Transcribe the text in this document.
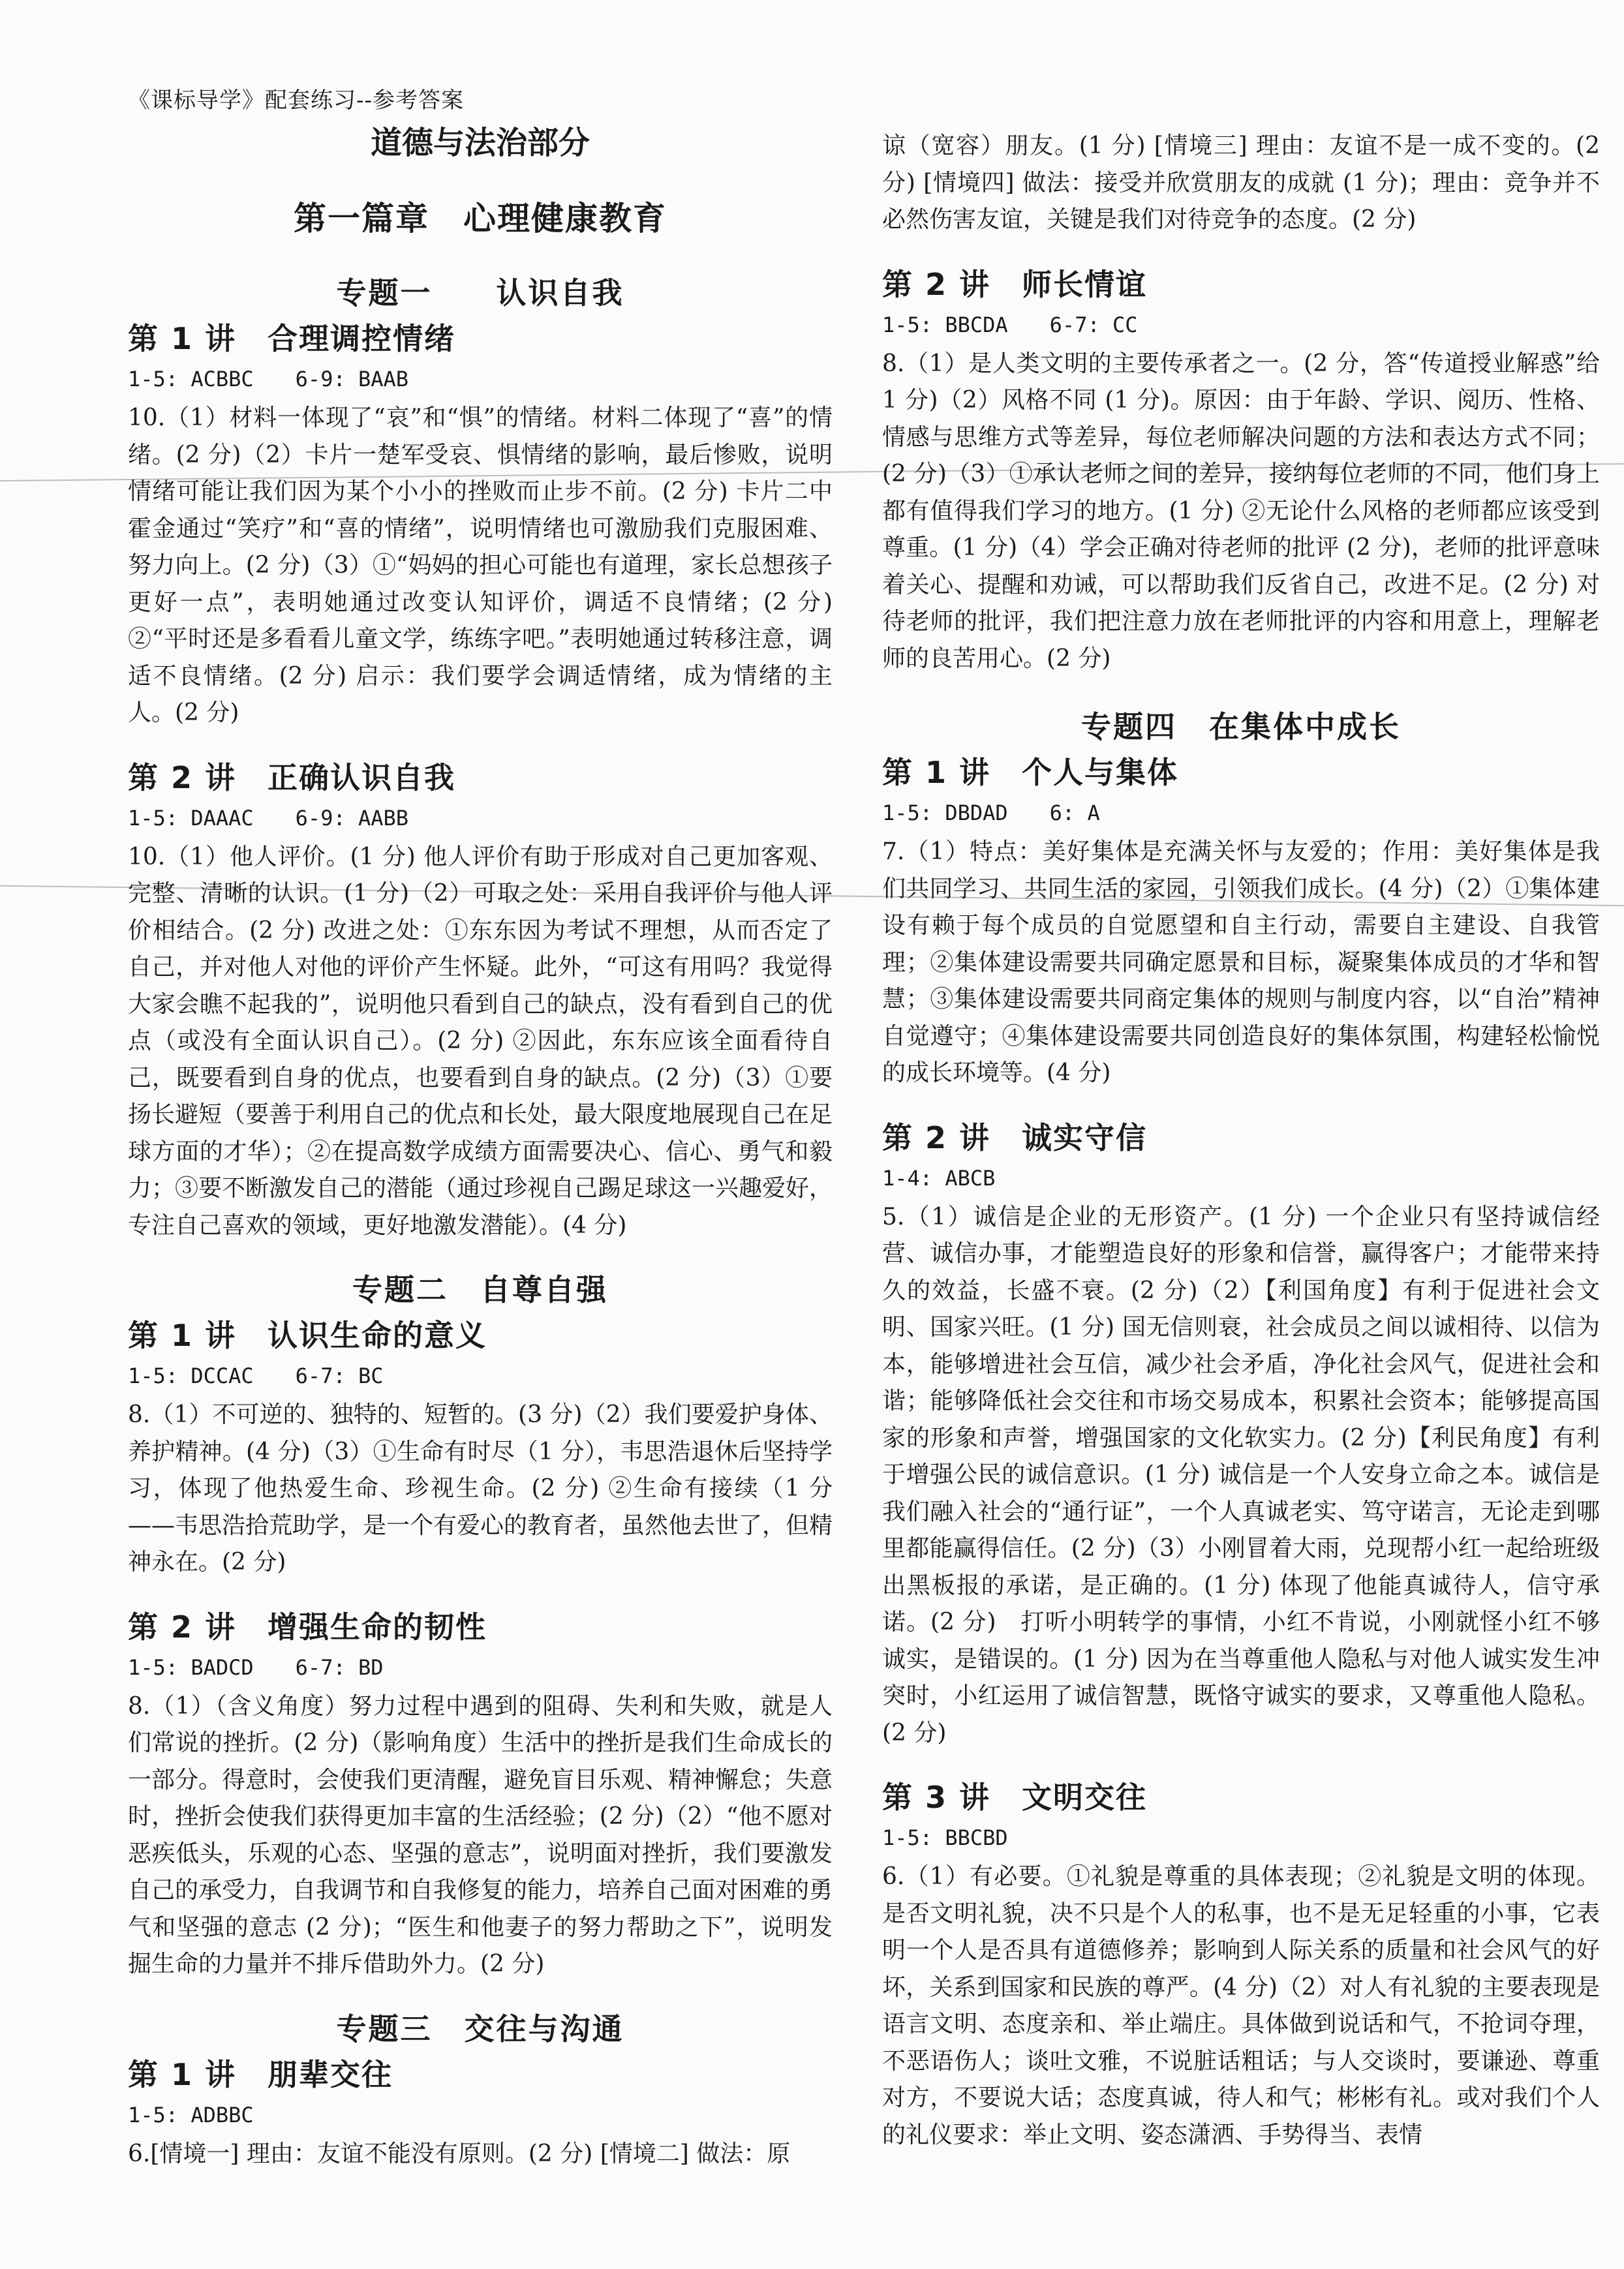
《课标导学》配套练习--参考答案
道德与法治部分
第一篇章　心理健康教育
专题一　　认识自我
第 1 讲　合理调控情绪
1-5: ACBBC　　6-9: BAAB

10.（1）材料一体现了“哀”和“惧”的情绪。材料二体现了“喜”的情绪。(2 分)（2）卡片一楚军受哀、惧情绪的影响，最后惨败，说明情绪可能让我们因为某个小小的挫败而止步不前。(2 分) 卡片二中霍金通过“笑疗”和“喜的情绪”，说明情绪也可激励我们克服困难、努力向上。(2 分)（3）①“妈妈的担心可能也有道理，家长总想孩子更好一点”，表明她通过改变认知评价，调适不良情绪；(2 分) ②“平时还是多看看儿童文学，练练字吧。”表明她通过转移注意，调适不良情绪。(2 分) 启示：我们要学会调适情绪，成为情绪的主人。(2 分)

第 2 讲　正确认识自我
1-5: DAAAC　　6-9: AABB

10.（1）他人评价。(1 分) 他人评价有助于形成对自己更加客观、完整、清晰的认识。(1 分)（2）可取之处：采用自我评价与他人评价相结合。(2 分) 改进之处：①东东因为考试不理想，从而否定了自己，并对他人对他的评价产生怀疑。此外，“可这有用吗？我觉得大家会瞧不起我的”，说明他只看到自己的缺点，没有看到自己的优点（或没有全面认识自己）。(2 分) ②因此，东东应该全面看待自己，既要看到自身的优点，也要看到自身的缺点。(2 分)（3）①要扬长避短（要善于利用自己的优点和长处，最大限度地展现自己在足球方面的才华）；②在提高数学成绩方面需要决心、信心、勇气和毅力；③要不断激发自己的潜能（通过珍视自己踢足球这一兴趣爱好，专注自己喜欢的领域，更好地激发潜能）。(4 分)

专题二　自尊自强
第 1 讲　认识生命的意义
1-5: DCCAC　　6-7: BC

8.（1）不可逆的、独特的、短暂的。(3 分)（2）我们要爱护身体、养护精神。(4 分)（3）①生命有时尽（1 分），韦思浩退休后坚持学习，体现了他热爱生命、珍视生命。(2 分) ②生命有接续（1 分——韦思浩拾荒助学，是一个有爱心的教育者，虽然他去世了，但精神永在。(2 分)

第 2 讲　增强生命的韧性
1-5: BADCD　　6-7: BD

8.（1）（含义角度）努力过程中遇到的阻碍、失利和失败，就是人们常说的挫折。(2 分)（影响角度）生活中的挫折是我们生命成长的一部分。得意时，会使我们更清醒，避免盲目乐观、精神懈怠；失意时，挫折会使我们获得更加丰富的生活经验；(2 分)（2）“他不愿对恶疾低头，乐观的心态、坚强的意志”，说明面对挫折，我们要激发自己的承受力，自我调节和自我修复的能力，培养自己面对困难的勇气和坚强的意志 (2 分)；“医生和他妻子的努力帮助之下”，说明发掘生命的力量并不排斥借助外力。(2 分)

专题三　交往与沟通
第 1 讲　朋辈交往
1-5: ADBBC

6.[情境一] 理由：友谊不能没有原则。(2 分) [情境二] 做法：原

谅（宽容）朋友。(1 分) [情境三] 理由：友谊不是一成不变的。(2 分) [情境四] 做法：接受并欣赏朋友的成就 (1 分)；理由：竞争并不必然伤害友谊，关键是我们对待竞争的态度。(2 分)

第 2 讲　师长情谊
1-5: BBCDA　　6-7: CC

8.（1）是人类文明的主要传承者之一。(2 分，答“传道授业解惑”给 1 分)（2）风格不同 (1 分)。原因：由于年龄、学识、阅历、性格、情感与思维方式等差异，每位老师解决问题的方法和表达方式不同；(2 分)（3）①承认老师之间的差异，接纳每位老师的不同，他们身上都有值得我们学习的地方。(1 分) ②无论什么风格的老师都应该受到尊重。(1 分)（4）学会正确对待老师的批评 (2 分)，老师的批评意味着关心、提醒和劝诫，可以帮助我们反省自己，改进不足。(2 分) 对待老师的批评，我们把注意力放在老师批评的内容和用意上，理解老师的良苦用心。(2 分)

专题四　在集体中成长
第 1 讲　个人与集体
1-5: DBDAD　　6: A

7.（1）特点：美好集体是充满关怀与友爱的；作用：美好集体是我们共同学习、共同生活的家园，引领我们成长。(4 分)（2）①集体建设有赖于每个成员的自觉愿望和自主行动，需要自主建设、自我管理；②集体建设需要共同确定愿景和目标，凝聚集体成员的才华和智慧；③集体建设需要共同商定集体的规则与制度内容，以“自治”精神自觉遵守；④集体建设需要共同创造良好的集体氛围，构建轻松愉悦的成长环境等。(4 分)

第 2 讲　诚实守信
1-4: ABCB

5.（1）诚信是企业的无形资产。(1 分) 一个企业只有坚持诚信经营、诚信办事，才能塑造良好的形象和信誉，赢得客户；才能带来持久的效益，长盛不衰。(2 分)（2）【利国角度】有利于促进社会文明、国家兴旺。(1 分) 国无信则衰，社会成员之间以诚相待、以信为本，能够增进社会互信，减少社会矛盾，净化社会风气，促进社会和谐；能够降低社会交往和市场交易成本，积累社会资本；能够提高国家的形象和声誉，增强国家的文化软实力。(2 分)【利民角度】有利于增强公民的诚信意识。(1 分) 诚信是一个人安身立命之本。诚信是我们融入社会的“通行证”，一个人真诚老实、笃守诺言，无论走到哪里都能赢得信任。(2 分)（3）小刚冒着大雨，兑现帮小红一起给班级出黑板报的承诺，是正确的。(1 分) 体现了他能真诚待人，信守承诺。(2 分)　打听小明转学的事情，小红不肯说，小刚就怪小红不够诚实，是错误的。(1 分) 因为在当尊重他人隐私与对他人诚实发生冲突时，小红运用了诚信智慧，既恪守诚实的要求，又尊重他人隐私。(2 分)

第 3 讲　文明交往
1-5: BBCBD

6.（1）有必要。①礼貌是尊重的具体表现；②礼貌是文明的体现。是否文明礼貌，决不只是个人的私事，也不是无足轻重的小事，它表明一个人是否具有道德修养；影响到人际关系的质量和社会风气的好坏，关系到国家和民族的尊严。(4 分)（2）对人有礼貌的主要表现是语言文明、态度亲和、举止端庄。具体做到说话和气，不抢词夺理，不恶语伤人；谈吐文雅，不说脏话粗话；与人交谈时，要谦逊、尊重对方，不要说大话；态度真诚，待人和气；彬彬有礼。或对我们个人的礼仪要求：举止文明、姿态潇洒、手势得当、表情
